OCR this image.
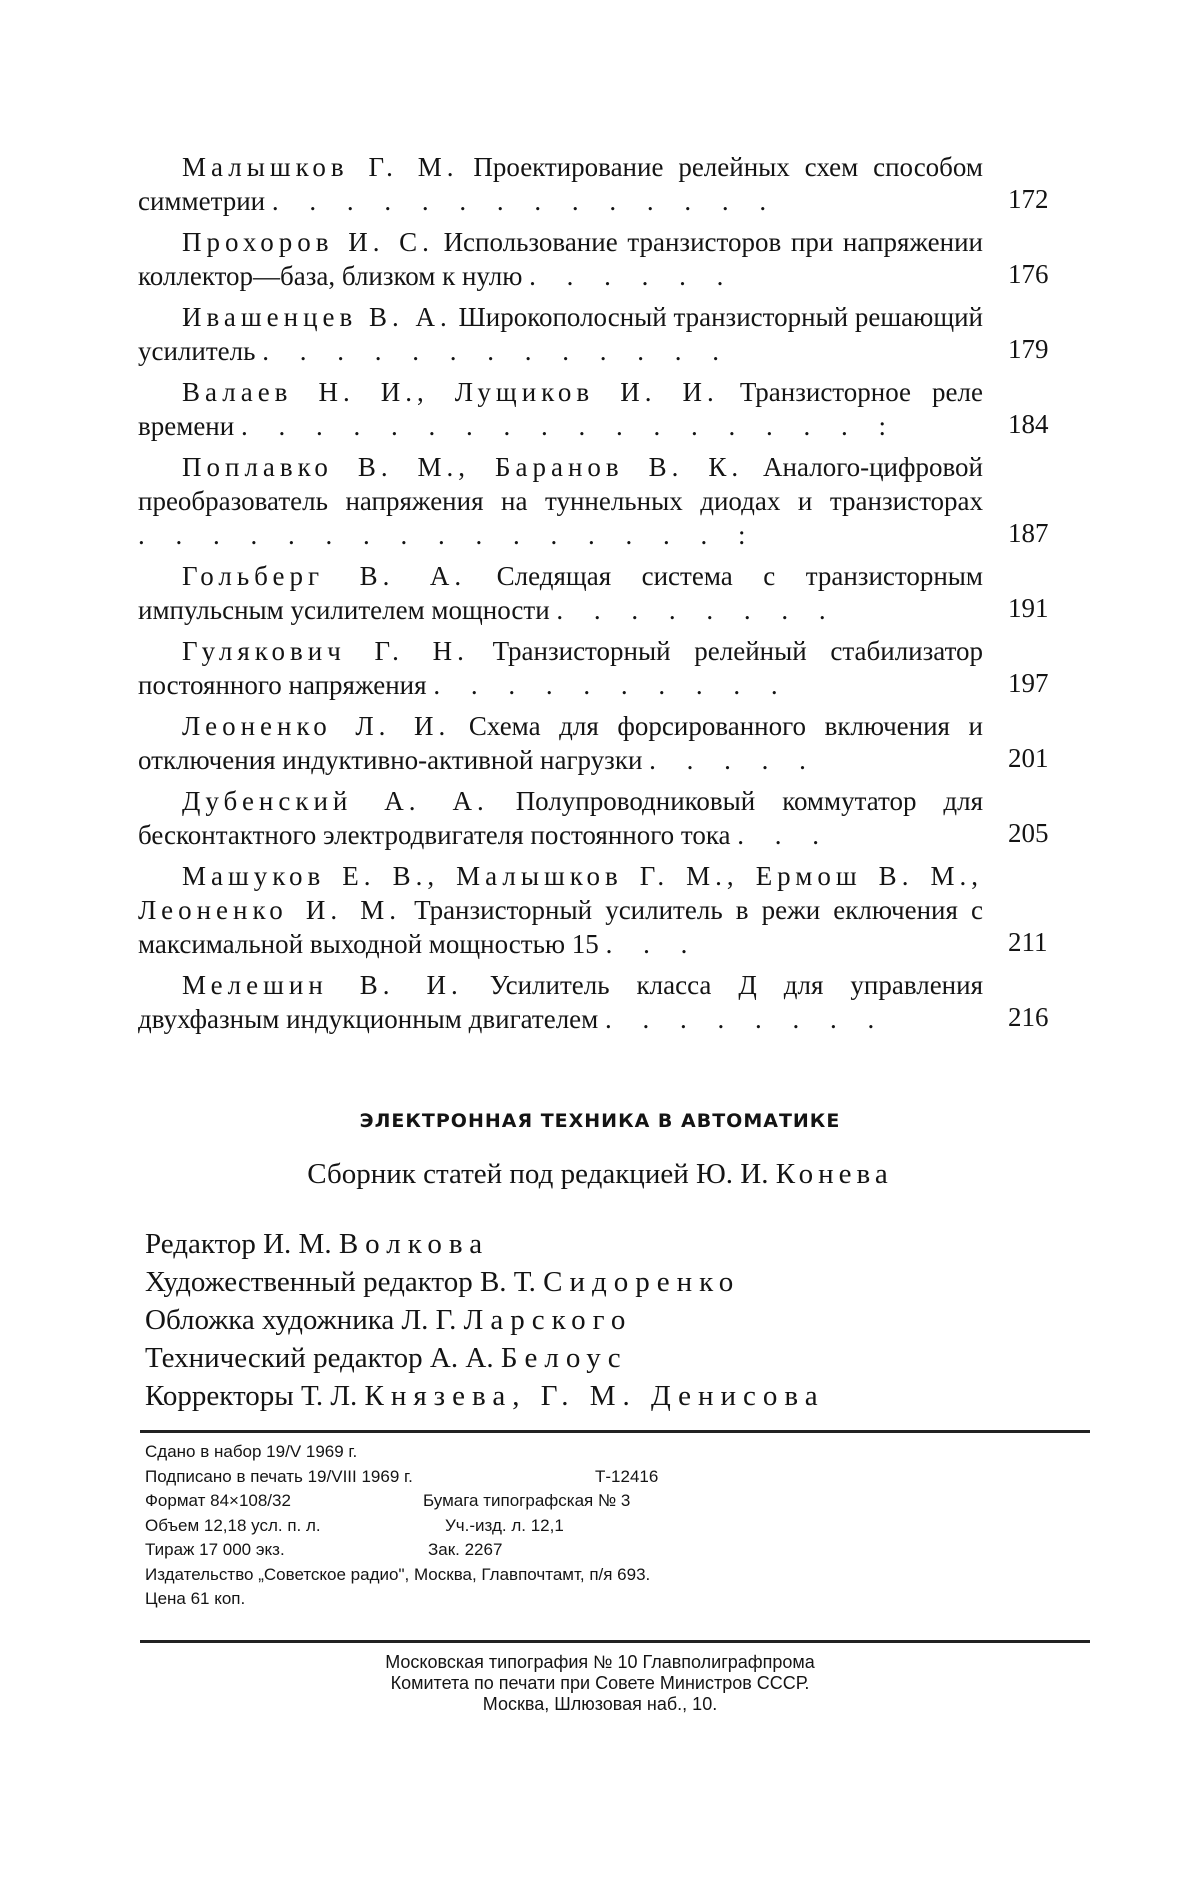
Малышков Г. М. Проектирование релейных схем способом симметрии . . . . . . . . . . . . . .	172
Прохоров И. С. Использование транзисторов при напряжении коллектор—база, близком к нулю . . . . . .	176
Ивашенцев В. А. Широкополосный транзисторный решающий усилитель . . . . . . . . . . . . .	179
Валаев Н. И., Лущиков И. И. Транзисторное реле времени . . . . . . . . . . . . . . . . . :	184
Поплавко В. М., Баранов В. К. Аналого-цифровой преобразователь напряжения на туннельных диодах и транзисторах . . . . . . . . . . . . . . . . :	187
Гольберг В. А. Следящая система с транзисторным импульсным усилителем мощности . . . . . . . .	191
Гулякович Г. Н. Транзисторный релейный стабилизатор постоянного напряжения . . . . . . . . . .	197
Леоненко Л. И. Схема для форсированного включения и отключения индуктивно-активной нагрузки . . . . .	201
Дубенский А. А. Полупроводниковый коммутатор для бесконтактного электродвигателя постоянного тока . . .	205
Машуков Е. В., Малышков Г. М., Ермош В. М., Леоненко И. М. Транзисторный усилитель в режи еключения с максимальной выходной мощностью 15 . . .	211
Мелешин В. И. Усилитель класса Д для управления двухфазным индукционным двигателем . . . . . . . .	216
ЭЛЕКТРОННАЯ ТЕХНИКА В АВТОМАТИКЕ
Сборник статей под редакцией Ю. И. Конева
Редактор И. М. Волкова
Художественный редактор В. Т. Сидоренко
Обложка художника Л. Г. Ларского
Технический редактор А. А. Белоус
Корректоры Т. Л. Князева, Г. М. Денисова
Сдано в набор 19/V 1969 г.
Подписано в печать 19/VIII 1969 г.	Т-12416
Формат 84×108/32	Бумага типографская № 3
Объем 12,18 усл. п. л.	Уч.-изд. л. 12,1
Тираж 17 000 экз.	Зак. 2267
Издательство „Советское радио", Москва, Главпочтамт, п/я 693.
Цена 61 коп.
Московская типография № 10 Главполиграфпрома
Комитета по печати при Совете Министров СССР.
Москва, Шлюзовая наб., 10.
